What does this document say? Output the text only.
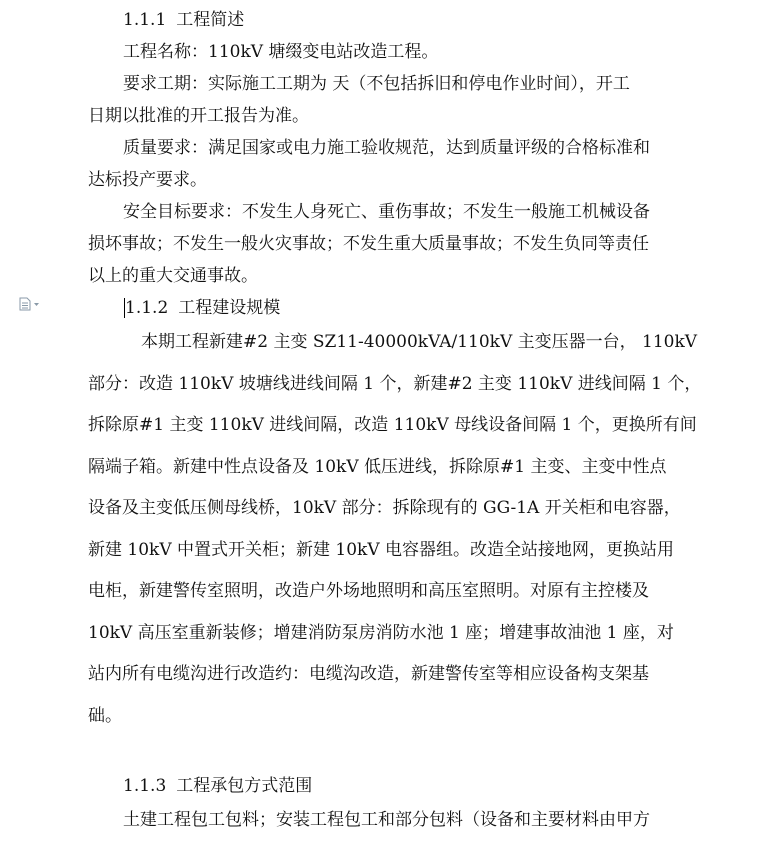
1.1.1 工程简述
工程名称：110kV 塘缀变电站改造工程。
要求工期：实际施工工期为 天（不包括拆旧和停电作业时间），开工
日期以批准的开工报告为准。
质量要求：满足国家或电力施工验收规范，达到质量评级的合格标准和
达标投产要求。
安全目标要求：不发生人身死亡、重伤事故；不发生一般施工机械设备
损坏事故；不发生一般火灾事故；不发生重大质量事故；不发生负同等责任
以上的重大交通事故。
1.1.2 工程建设规模
本期工程新建#2 主变 SZ11-40000kVA/110kV 主变压器一台， 110kV
部分：改造 110kV 坡塘线进线间隔 1 个，新建#2 主变 110kV 进线间隔 1 个，
拆除原#1 主变 110kV 进线间隔，改造 110kV 母线设备间隔 1 个，更换所有间
隔端子箱。新建中性点设备及 10kV 低压进线，拆除原#1 主变、主变中性点
设备及主变低压侧母线桥，10kV 部分：拆除现有的 GG-1A 开关柜和电容器，
新建 10kV 中置式开关柜；新建 10kV 电容器组。改造全站接地网，更换站用
电柜，新建警传室照明，改造户外场地照明和高压室照明。对原有主控楼及
10kV 高压室重新装修；增建消防泵房消防水池 1 座；增建事故油池 1 座，对
站内所有电缆沟进行改造约：电缆沟改造，新建警传室等相应设备构支架基
础。
1.1.3 工程承包方式范围
土建工程包工包料；安装工程包工和部分包料（设备和主要材料由甲方
